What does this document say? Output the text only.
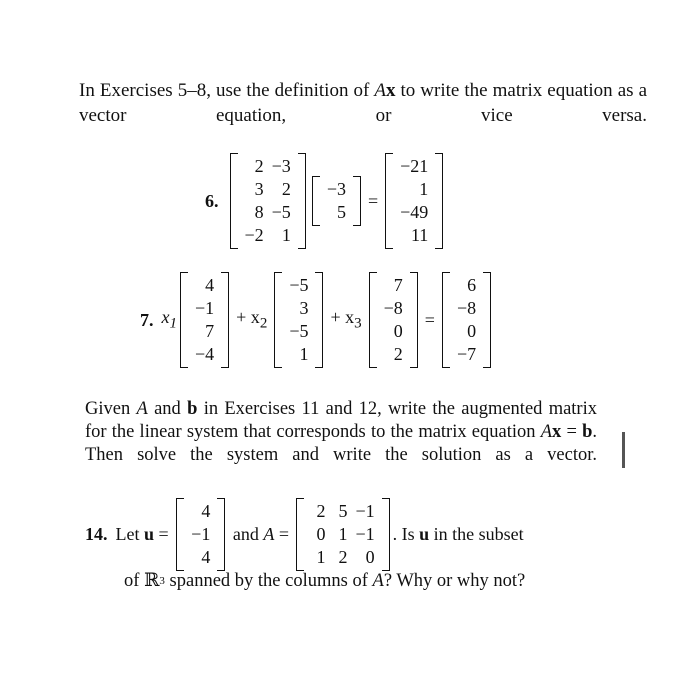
In Exercises 5–8, use the definition of Ax to write the matrix equation as a vector equation, or vice versa.

6.
2 −3
3	2
8 −5
−2	1
−3
5
=
−21
1
−49
11
7. $x_1$
4
−1
7
−4
+ $x_2$
−5
3
−5
1
+ $x_3$
7
−8
0
2
=
6
−8
0
−7

Given A and b in Exercises 11 and 12, write the augmented matrix for the linear system that corresponds to the matrix equation Ax = b. Then solve the system and write the solution as a vector.

14. Let u =
4
−1
4
and A =
2 5 −1
0 1 −1
1 2	0
. Is u in the subset
of ℝ 3 spanned by the columns of A ? Why or why not?
